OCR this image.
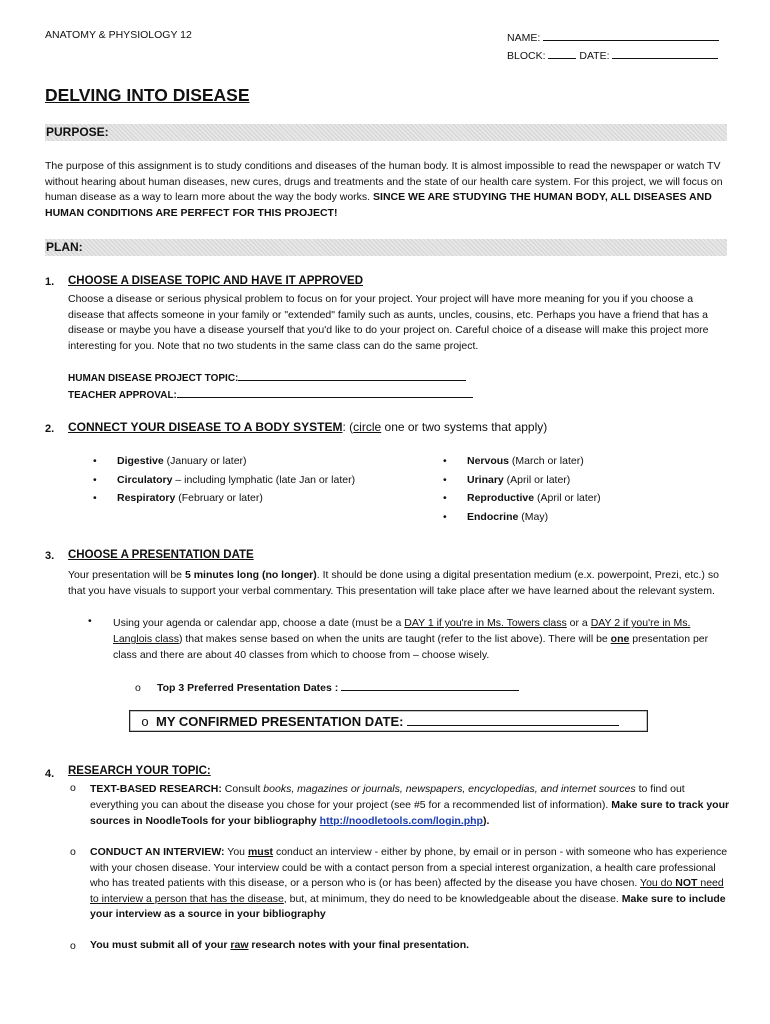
ANATOMY & PHYSIOLOGY 12	NAME:
BLOCK:	DATE:
DELVING INTO DISEASE
PURPOSE:
The purpose of this assignment is to study conditions and diseases of the human body. It is almost impossible to read the newspaper or watch TV without hearing about human diseases, new cures, drugs and treatments and the state of our health care system. For this project, we will focus on human disease as a way to learn more about the way the body works. SINCE WE ARE STUDYING THE HUMAN BODY, ALL DISEASES AND HUMAN CONDITIONS ARE PERFECT FOR THIS PROJECT!
PLAN:
1. CHOOSE A DISEASE TOPIC AND HAVE IT APPROVED
Choose a disease or serious physical problem to focus on for your project. Your project will have more meaning for you if you choose a disease that affects someone in your family or "extended" family such as aunts, uncles, cousins, etc. Perhaps you have a friend that has a disease or maybe you have a disease yourself that you'd like to do your project on. Careful choice of a disease will make this project more interesting for you. Note that no two students in the same class can do the same project.
HUMAN DISEASE PROJECT TOPIC:
TEACHER APPROVAL:
2. CONNECT YOUR DISEASE TO A BODY SYSTEM: (circle one or two systems that apply)
• Digestive (January or later)
• Circulatory – including lymphatic (late Jan or later)
• Respiratory (February or later)
• Nervous (March or later)
• Urinary (April or later)
• Reproductive (April or later)
• Endocrine (May)
3. CHOOSE A PRESENTATION DATE
Your presentation will be 5 minutes long (no longer). It should be done using a digital presentation medium (e.x. powerpoint, Prezi, etc.) so that you have visuals to support your verbal commentary. This presentation will take place after we have learned about the relevant system.
• Using your agenda or calendar app, choose a date (must be a DAY 1 if you're in Ms. Towers class or a DAY 2 if you're in Ms. Langlois class) that makes sense based on when the units are taught (refer to the list above). There will be one presentation per class and there are about 40 classes from which to choose from – choose wisely.
o Top 3 Preferred Presentation Dates :
o MY CONFIRMED PRESENTATION DATE:
4. RESEARCH YOUR TOPIC:
o TEXT-BASED RESEARCH: Consult books, magazines or journals, newspapers, encyclopedias, and internet sources to find out everything you can about the disease you chose for your project (see #5 for a recommended list of information). Make sure to track your sources in NoodleTools for your bibliography http://noodletools.com/login.php).
o CONDUCT AN INTERVIEW: You must conduct an interview - either by phone, by email or in person - with someone who has experience with your chosen disease. Your interview could be with a contact person from a special interest organization, a health care professional who has treated patients with this disease, or a person who is (or has been) affected by the disease you have chosen. You do NOT need to interview a person that has the disease, but, at minimum, they do need to be knowledgeable about the disease. Make sure to include your interview as a source in your bibliography
o You must submit all of your raw research notes with your final presentation.
